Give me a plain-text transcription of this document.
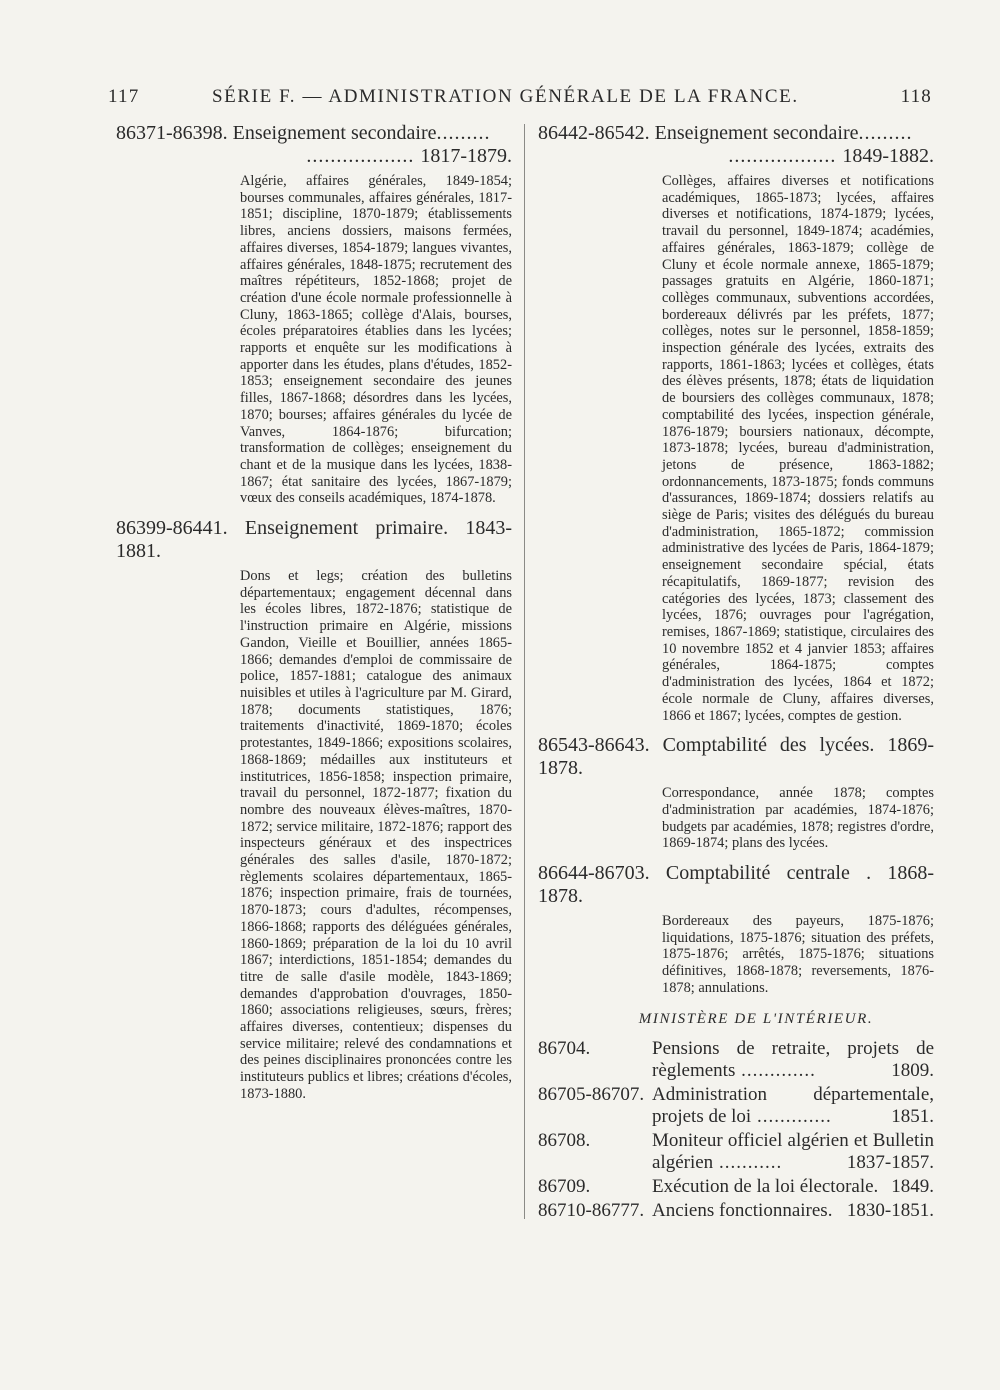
117	SÉRIE F. — ADMINISTRATION GÉNÉRALE DE LA FRANCE.	118
86371-86398. Enseignement secondaire.........
.................. 1817-1879.
Algérie, affaires générales, 1849-1854; bourses communales, affaires générales, 1817-1851; discipline, 1870-1879; établissements libres, anciens dossiers, maisons fermées, affaires diverses, 1854-1879; langues vivantes, affaires générales, 1848-1875; recrutement des maîtres répétiteurs, 1852-1868; projet de création d'une école normale professionnelle à Cluny, 1863-1865; collège d'Alais, bourses, écoles préparatoires établies dans les lycées; rapports et enquête sur les modifications à apporter dans les études, plans d'études, 1852-1853; enseignement secondaire des jeunes filles, 1867-1868; désordres dans les lycées, 1870; bourses; affaires générales du lycée de Vanves, 1864-1876; bifurcation; transformation de collèges; enseignement du chant et de la musique dans les lycées, 1838-1867; état sanitaire des lycées, 1867-1879; vœux des conseils académiques, 1874-1878.
86399-86441. Enseignement primaire. 1843-1881.
Dons et legs; création des bulletins départementaux; engagement décennal dans les écoles libres, 1872-1876; statistique de l'instruction primaire en Algérie, missions Gandon, Vieille et Bouillier, années 1865-1866; demandes d'emploi de commissaire de police, 1857-1881; catalogue des animaux nuisibles et utiles à l'agriculture par M. Girard, 1878; documents statistiques, 1876; traitements d'inactivité, 1869-1870; écoles protestantes, 1849-1866; expositions scolaires, 1868-1869; médailles aux instituteurs et institutrices, 1856-1858; inspection primaire, travail du personnel, 1872-1877; fixation du nombre des nouveaux élèves-maîtres, 1870-1872; service militaire, 1872-1876; rapport des inspecteurs généraux et des inspectrices générales des salles d'asile, 1870-1872; règlements scolaires départementaux, 1865-1876; inspection primaire, frais de tournées, 1870-1873; cours d'adultes, récompenses, 1866-1868; rapports des déléguées générales, 1860-1869; préparation de la loi du 10 avril 1867; interdictions, 1851-1854; demandes du titre de salle d'asile modèle, 1843-1869; demandes d'approbation d'ouvrages, 1850-1860; associations religieuses, sœurs, frères; affaires diverses, contentieux; dispenses du service militaire; relevé des condamnations et des peines disciplinaires prononcées contre les instituteurs publics et libres; créations d'écoles, 1873-1880.
86442-86542. Enseignement secondaire.........
.................. 1849-1882.
Collèges, affaires diverses et notifications académiques, 1865-1873; lycées, affaires diverses et notifications, 1874-1879; lycées, travail du personnel, 1849-1874; académies, affaires générales, 1863-1879; collège de Cluny et école normale annexe, 1865-1879; passages gratuits en Algérie, 1860-1871; collèges communaux, subventions accordées, bordereaux délivrés par les préfets, 1877; collèges, notes sur le personnel, 1858-1859; inspection générale des lycées, extraits des rapports, 1861-1863; lycées et collèges, états des élèves présents, 1878; états de liquidation de boursiers des collèges communaux, 1878; comptabilité des lycées, inspection générale, 1876-1879; boursiers nationaux, décompte, 1873-1878; lycées, bureau d'administration, jetons de présence, 1863-1882; ordonnancements, 1873-1875; fonds communs d'assurances, 1869-1874; dossiers relatifs au siège de Paris; visites des délégués du bureau d'administration, 1865-1872; commission administrative des lycées de Paris, 1864-1879; enseignement secondaire spécial, états récapitulatifs, 1869-1877; revision des catégories des lycées, 1873; classement des lycées, 1876; ouvrages pour l'agrégation, remises, 1867-1869; statistique, circulaires des 10 novembre 1852 et 4 janvier 1853; affaires générales, 1864-1875; comptes d'administration des lycées, 1864 et 1872; école normale de Cluny, affaires diverses, 1866 et 1867; lycées, comptes de gestion.
86543-86643. Comptabilité des lycées. 1869-1878.
Correspondance, année 1878; comptes d'administration par académies, 1874-1876; budgets par académies, 1878; registres d'ordre, 1869-1874; plans des lycées.
86644-86703. Comptabilité centrale . 1868-1878.
Bordereaux des payeurs, 1875-1876; liquidations, 1875-1876; situation des préfets, 1875-1876; arrêtés, 1875-1876; situations définitives, 1868-1878; reversements, 1876-1878; annulations.
MINISTÈRE DE L'INTÉRIEUR.
86704.	Pensions de retraite, projets de règlements .............	1809.
86705-86707. Administration départementale, projets de loi .............	1851.
86708.	Moniteur officiel algérien et Bulletin algérien ...........	1837-1857.
86709.	Exécution de la loi électorale. 1849.
86710-86777. Anciens fonctionnaires. 1830-1851.
